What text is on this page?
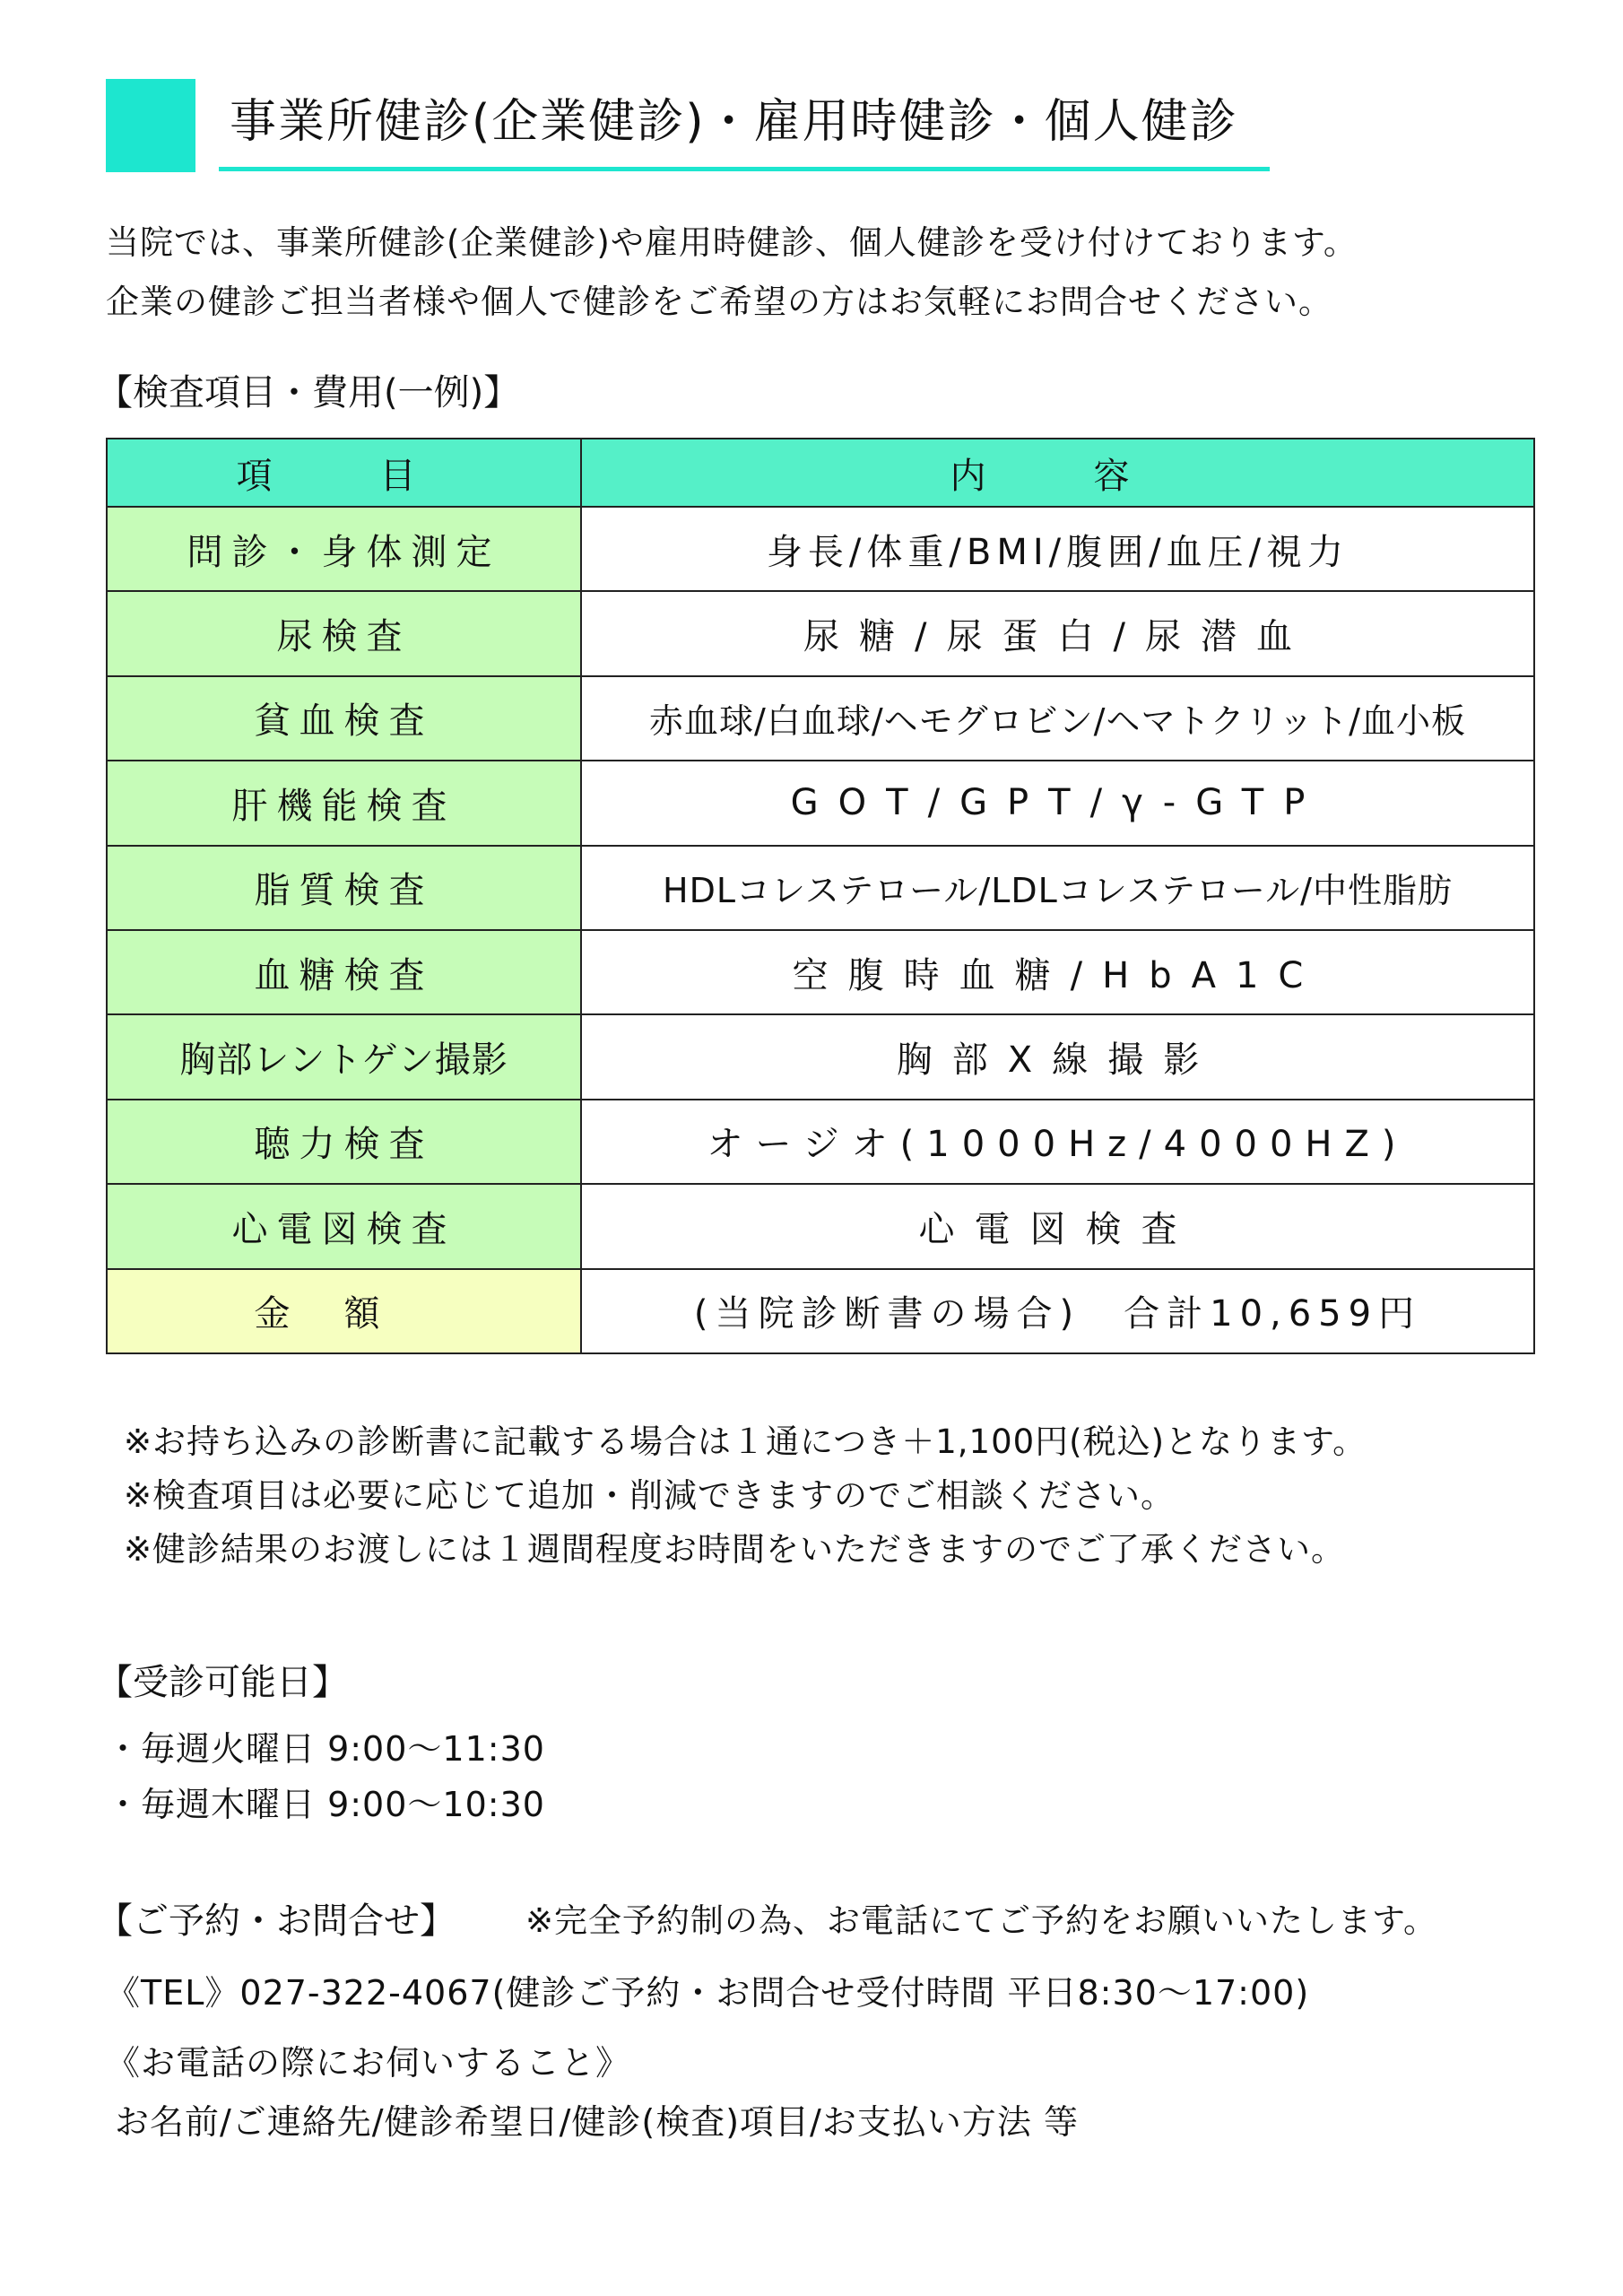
事業所健診(企業健診)・雇用時健診・個人健診
当院では、事業所健診(企業健診)や雇用時健診、個人健診を受け付けております。
企業の健診ご担当者様や個人で健診をご希望の方はお気軽にお問合せください。
【検査項目・費用(一例)】
項　目	内　容
問診・身体測定	身長/体重/BMI/腹囲/血圧/視力
尿検査	尿糖/尿蛋白/尿潜血
貧血検査	赤血球/白血球/ヘモグロビン/ヘマトクリット/血小板
肝機能検査	GOT/GPT/γ-GTP
脂質検査	HDLコレステロール/LDLコレステロール/中性脂肪
血糖検査	空腹時血糖/HbA1C
胸部レントゲン撮影	胸部X線撮影
聴力検査	オージオ(1000Hz/4000HZ)
心電図検査	心電図検査
金額	(当院診断書の場合)　合計10,659円
※お持ち込みの診断書に記載する場合は１通につき＋1,100円(税込)となります。
※検査項目は必要に応じて追加・削減できますのでご相談ください。
※健診結果のお渡しには１週間程度お時間をいただきますのでご了承ください。
【受診可能日】
・毎週火曜日 9:00〜11:30
・毎週木曜日 9:00〜10:30
【ご予約・お問合せ】 ※完全予約制の為、お電話にてご予約をお願いいたします。
《TEL》027-322-4067(健診ご予約・お問合せ受付時間 平日8:30〜17:00)
《お電話の際にお伺いすること》
お名前/ご連絡先/健診希望日/健診(検査)項目/お支払い方法 等
